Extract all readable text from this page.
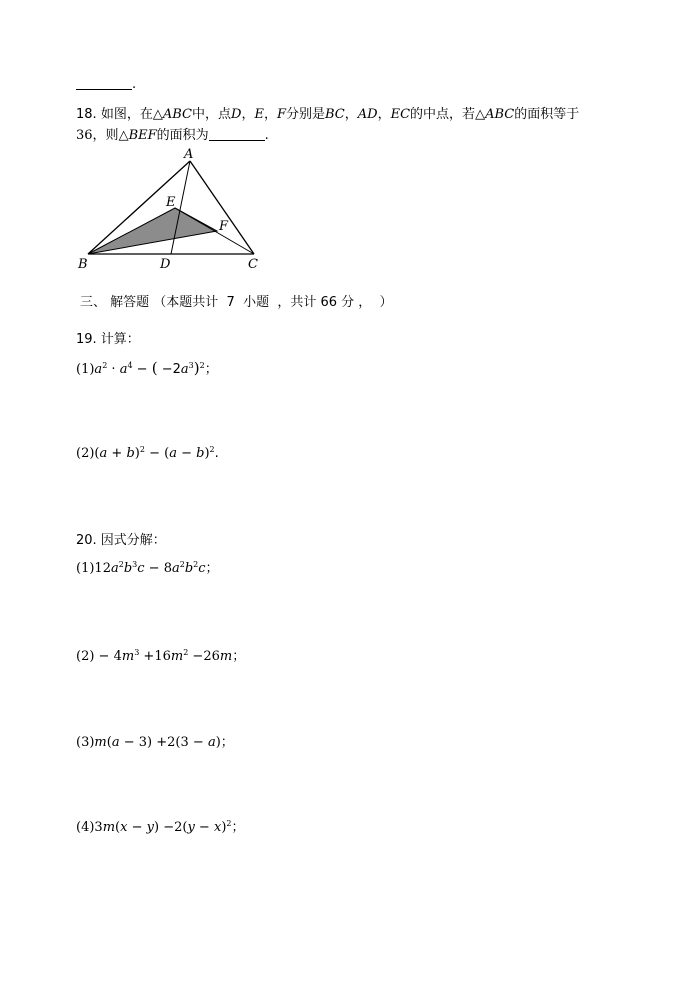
.
18. 如图，在△ABC中，点D，E，F分别是BC，AD，EC的中点，若△ABC的面积等于
36，则△BEF的面积为	.
A
E
F
B	D	C
三、 解答题 （本题共计  7  小题  ，共计 66 分 ，  ）
19. 计算：
$(1)a^2 \cdot a^4$ − ( $-2a^3)^2$；
$(2)(a + b)^2 - (a - b)^2$.
20. 因式分解：
$(1)12a^2b^3c - 8a^2b^2c$；
$(2) - 4m^3 +16m^2 -26m$；
(3)m(a − 3) +2(3 − a)；
$(4)3m(x - y) -2(y - x)^2$；
